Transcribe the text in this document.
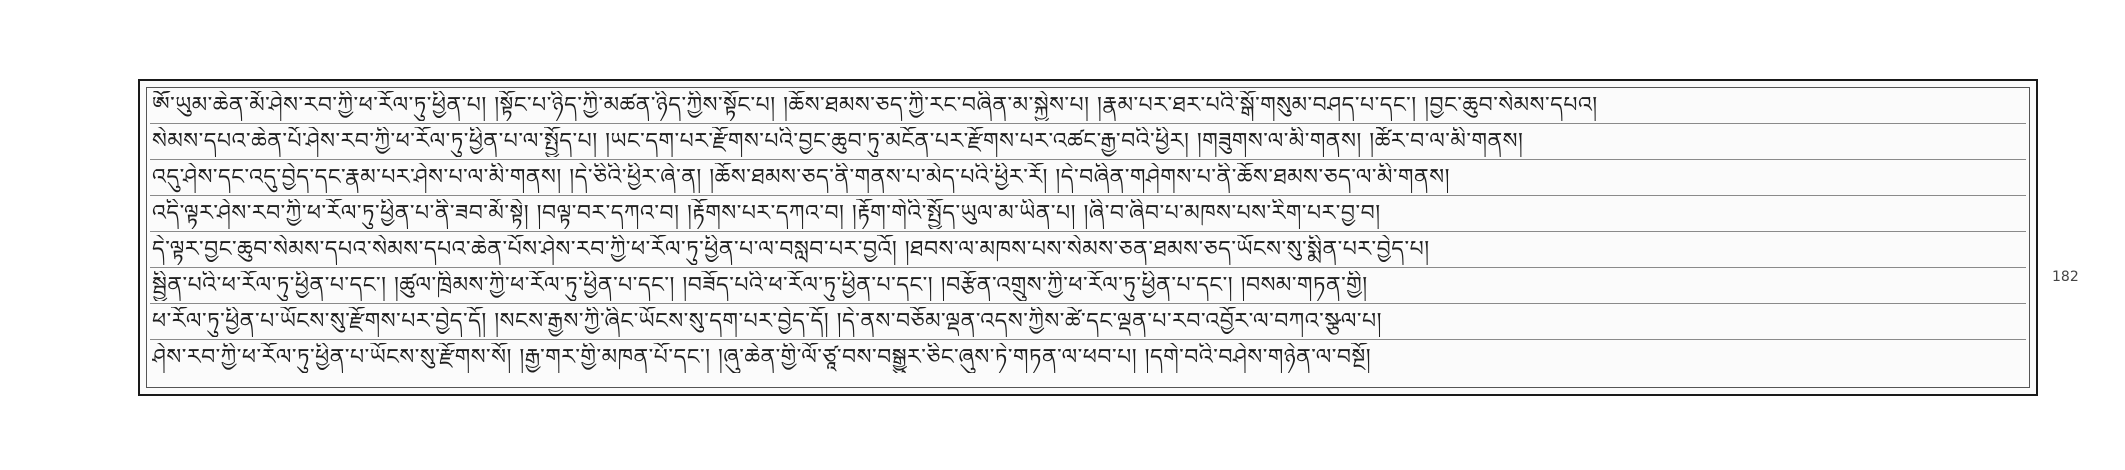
ༀ་ཡུམ་ཆེན་མོ་ཤེས་རབ་ཀྱི་ཕ་རོལ་ཏུ་ཕྱིན་པ། །སྟོང་པ་ཉིད་ཀྱི་མཚན་ཉིད་ཀྱིས་སྟོང་པ། །ཆོས་ཐམས་ཅད་ཀྱི་རང་བཞིན་མ་སྐྱེས་པ། །རྣམ་པར་ཐར་པའི་སྒོ་གསུམ་བཤད་པ་དང་། །བྱང་ཆུབ་སེམས་དཔའ།
སེམས་དཔའ་ཆེན་པོ་ཤེས་རབ་ཀྱི་ཕ་རོལ་ཏུ་ཕྱིན་པ་ལ་སྤྱོད་པ། །ཡང་དག་པར་རྫོགས་པའི་བྱང་ཆུབ་ཏུ་མངོན་པར་རྫོགས་པར་འཚང་རྒྱ་བའི་ཕྱིར། །གཟུགས་ལ་མི་གནས། །ཚོར་བ་ལ་མི་གནས།
འདུ་ཤེས་དང་འདུ་བྱེད་དང་རྣམ་པར་ཤེས་པ་ལ་མི་གནས། །དེ་ཅིའི་ཕྱིར་ཞེ་ན། །ཆོས་ཐམས་ཅད་ནི་གནས་པ་མེད་པའི་ཕྱིར་རོ། །དེ་བཞིན་གཤེགས་པ་ནི་ཆོས་ཐམས་ཅད་ལ་མི་གནས།
འདི་ལྟར་ཤེས་རབ་ཀྱི་ཕ་རོལ་ཏུ་ཕྱིན་པ་ནི་ཟབ་མོ་སྟེ། །བལྟ་བར་དཀའ་བ། །རྟོགས་པར་དཀའ་བ། །རྟོག་གེའི་སྤྱོད་ཡུལ་མ་ཡིན་པ། །ཞི་བ་ཞིབ་པ་མཁས་པས་རིག་པར་བྱ་བ།
དེ་ལྟར་བྱང་ཆུབ་སེམས་དཔའ་སེམས་དཔའ་ཆེན་པོས་ཤེས་རབ་ཀྱི་ཕ་རོལ་ཏུ་ཕྱིན་པ་ལ་བསླབ་པར་བྱའོ། །ཐབས་ལ་མཁས་པས་སེམས་ཅན་ཐམས་ཅད་ཡོངས་སུ་སྨིན་པར་བྱེད་པ།
སྦྱིན་པའི་ཕ་རོལ་ཏུ་ཕྱིན་པ་དང་། །ཚུལ་ཁྲིམས་ཀྱི་ཕ་རོལ་ཏུ་ཕྱིན་པ་དང་། །བཟོད་པའི་ཕ་རོལ་ཏུ་ཕྱིན་པ་དང་། །བརྩོན་འགྲུས་ཀྱི་ཕ་རོལ་ཏུ་ཕྱིན་པ་དང་། །བསམ་གཏན་གྱི།
ཕ་རོལ་ཏུ་ཕྱིན་པ་ཡོངས་སུ་རྫོགས་པར་བྱེད་དོ། །སངས་རྒྱས་ཀྱི་ཞིང་ཡོངས་སུ་དག་པར་བྱེད་དོ། །དེ་ནས་བཅོམ་ལྡན་འདས་ཀྱིས་ཚེ་དང་ལྡན་པ་རབ་འབྱོར་ལ་བཀའ་སྩལ་པ།
ཤེས་རབ་ཀྱི་ཕ་རོལ་ཏུ་ཕྱིན་པ་ཡོངས་སུ་རྫོགས་སོ། །རྒྱ་གར་གྱི་མཁན་པོ་དང་། །ཞུ་ཆེན་གྱི་ལོ་ཙཱ་བས་བསྒྱུར་ཅིང་ཞུས་ཏེ་གཏན་ལ་ཕབ་པ། །དགེ་བའི་བཤེས་གཉེན་ལ་བསྔོ།
182
